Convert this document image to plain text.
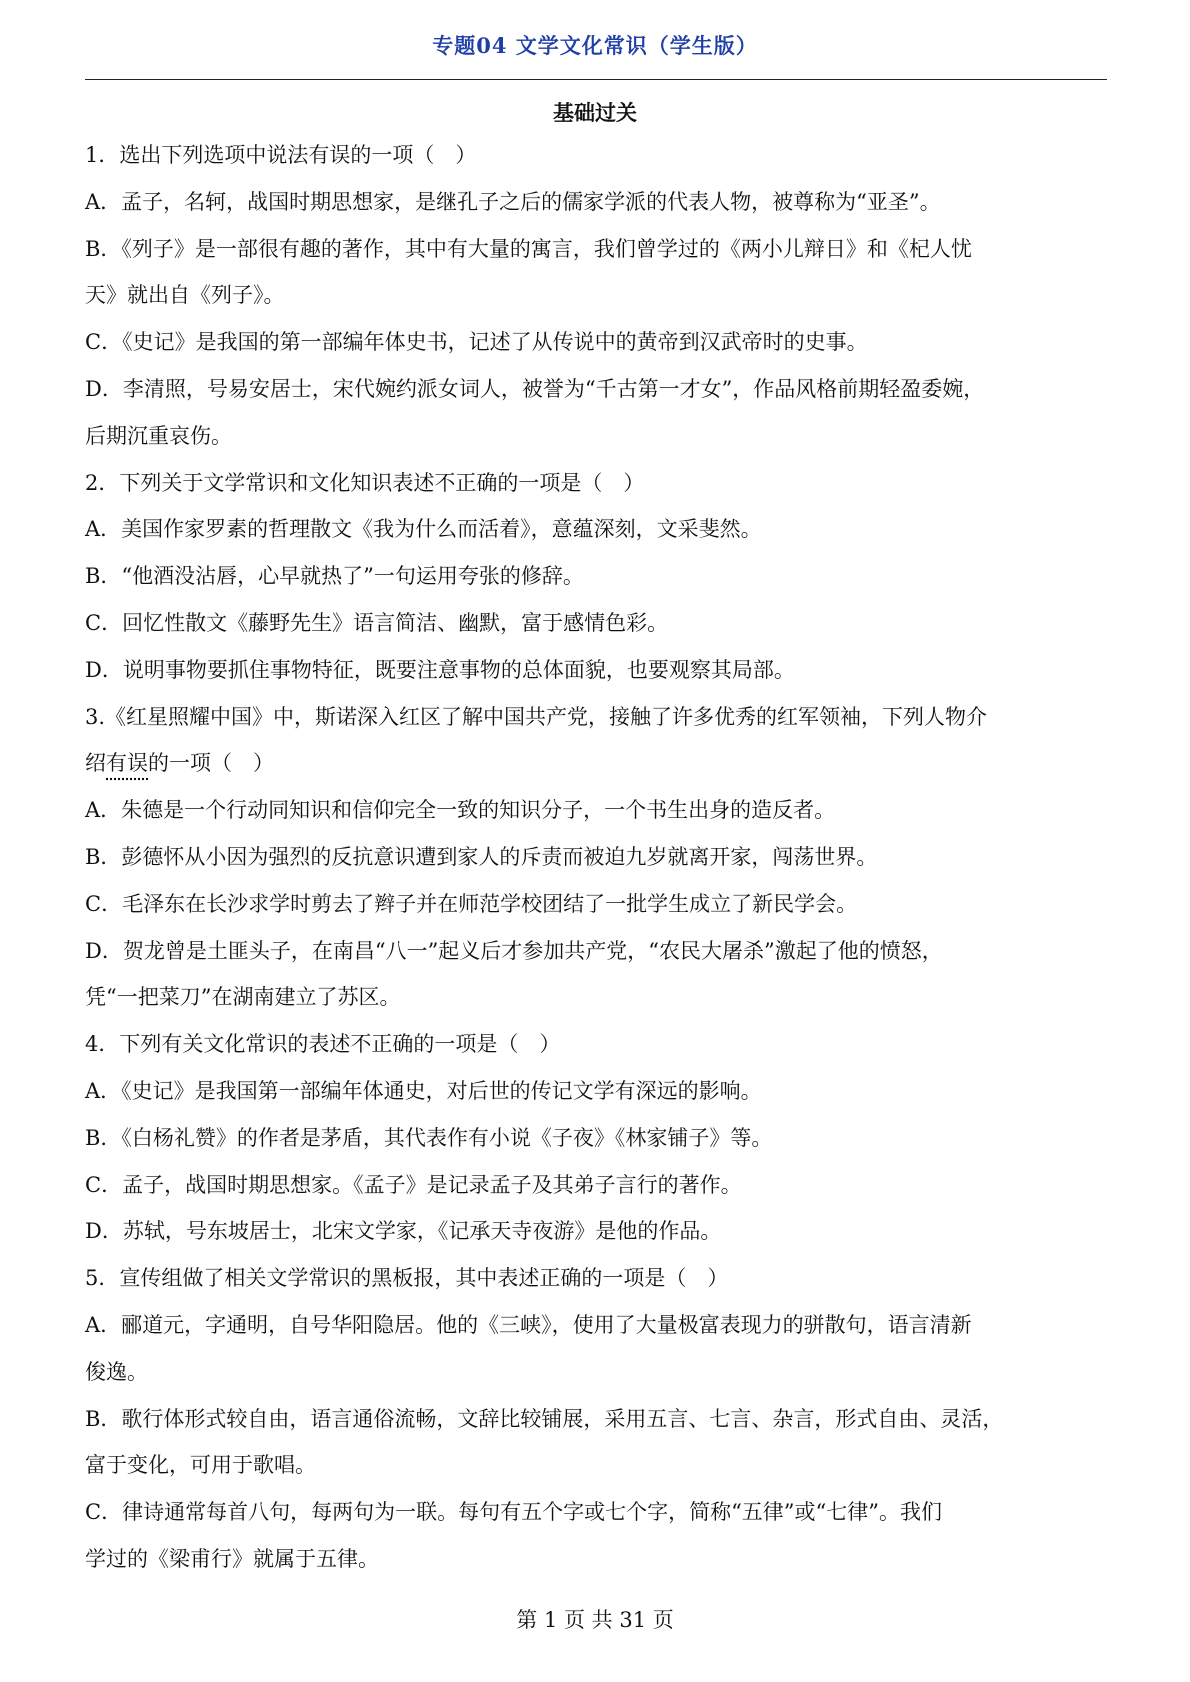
专题04 文学文化常识（学生版）
基础过关
1．选出下列选项中说法有误的一项（　）
A．孟子，名轲，战国时期思想家，是继孔子之后的儒家学派的代表人物，被尊称为“亚圣”。
B．《列子》是一部很有趣的著作，其中有大量的寓言，我们曾学过的《两小儿辩日》和《杞人忧
天》就出自《列子》。
C．《史记》是我国的第一部编年体史书，记述了从传说中的黄帝到汉武帝时的史事。
D．李清照，号易安居士，宋代婉约派女词人，被誉为“千古第一才女”，作品风格前期轻盈委婉，
后期沉重哀伤。
2．下列关于文学常识和文化知识表述不正确的一项是（　）
A．美国作家罗素的哲理散文《我为什么而活着》，意蕴深刻，文采斐然。
B．“他酒没沾唇，心早就热了”一句运用夸张的修辞。
C．回忆性散文《藤野先生》语言简洁、幽默，富于感情色彩。
D．说明事物要抓住事物特征，既要注意事物的总体面貌，也要观察其局部。
3.《红星照耀中国》中，斯诺深入红区了解中国共产党，接触了许多优秀的红军领袖，下列人物介
绍有误的一项（　）
A．朱德是一个行动同知识和信仰完全一致的知识分子，一个书生出身的造反者。
B．彭德怀从小因为强烈的反抗意识遭到家人的斥责而被迫九岁就离开家，闯荡世界。
C．毛泽东在长沙求学时剪去了辫子并在师范学校团结了一批学生成立了新民学会。
D．贺龙曾是土匪头子，在南昌“八一”起义后才参加共产党，“农民大屠杀”激起了他的愤怒，
凭“一把菜刀”在湖南建立了苏区。
4．下列有关文化常识的表述不正确的一项是（　）
A．《史记》是我国第一部编年体通史，对后世的传记文学有深远的影响。
B．《白杨礼赞》的作者是茅盾，其代表作有小说《子夜》《林家铺子》等。
C．孟子，战国时期思想家。《孟子》是记录孟子及其弟子言行的著作。
D．苏轼，号东坡居士，北宋文学家，《记承天寺夜游》是他的作品。
5．宣传组做了相关文学常识的黑板报，其中表述正确的一项是（　）
A．郦道元，字通明，自号华阳隐居。他的《三峡》，使用了大量极富表现力的骈散句，语言清新
俊逸。
B．歌行体形式较自由，语言通俗流畅，文辞比较铺展，采用五言、七言、杂言，形式自由、灵活，
富于变化，可用于歌唱。
C．律诗通常每首八句，每两句为一联。每句有五个字或七个字，简称“五律”或“七律”。我们
学过的《梁甫行》就属于五律。
第 1 页 共 31 页
